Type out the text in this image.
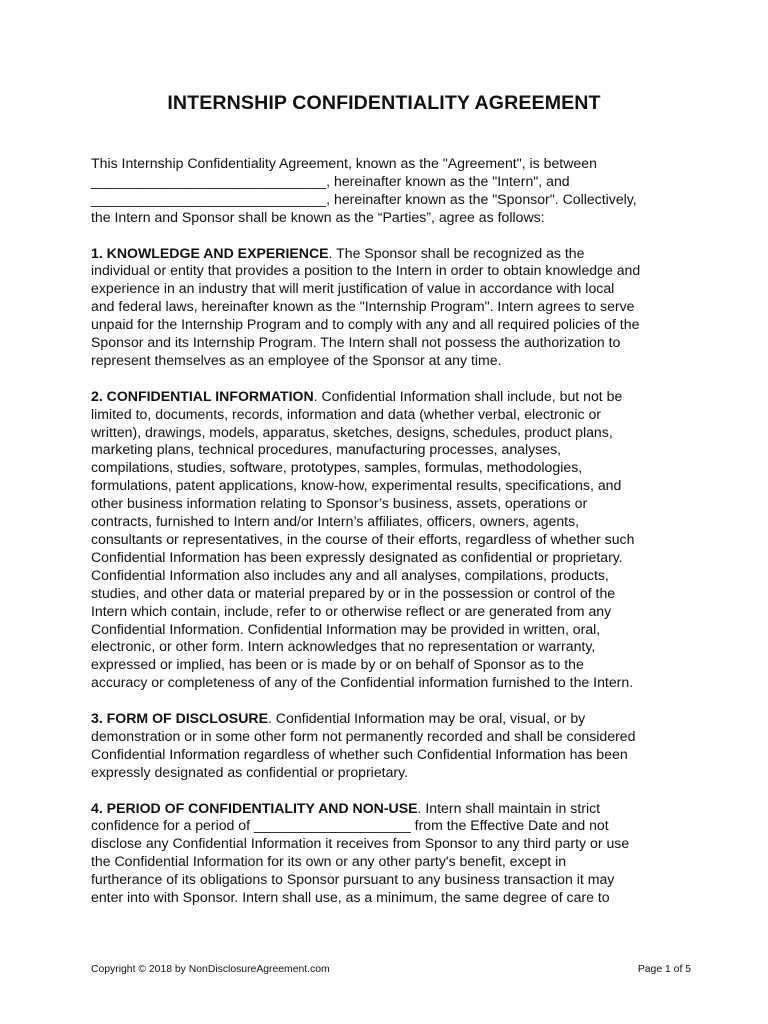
INTERNSHIP CONFIDENTIALITY AGREEMENT

This Internship Confidentiality Agreement, known as the "Agreement", is between
______________________________, hereinafter known as the "Intern", and
______________________________, hereinafter known as the "Sponsor". Collectively,
the Intern and Sponsor shall be known as the “Parties”, agree as follows:

1. KNOWLEDGE AND EXPERIENCE. The Sponsor shall be recognized as the
individual or entity that provides a position to the Intern in order to obtain knowledge and
experience in an industry that will merit justification of value in accordance with local
and federal laws, hereinafter known as the "Internship Program". Intern agrees to serve
unpaid for the Internship Program and to comply with any and all required policies of the
Sponsor and its Internship Program. The Intern shall not possess the authorization to
represent themselves as an employee of the Sponsor at any time.

2. CONFIDENTIAL INFORMATION. Confidential Information shall include, but not be
limited to, documents, records, information and data (whether verbal, electronic or
written), drawings, models, apparatus, sketches, designs, schedules, product plans,
marketing plans, technical procedures, manufacturing processes, analyses,
compilations, studies, software, prototypes, samples, formulas, methodologies,
formulations, patent applications, know-how, experimental results, specifications, and
other business information relating to Sponsor’s business, assets, operations or
contracts, furnished to Intern and/or Intern’s affiliates, officers, owners, agents,
consultants or representatives, in the course of their efforts, regardless of whether such
Confidential Information has been expressly designated as confidential or proprietary.
Confidential Information also includes any and all analyses, compilations, products,
studies, and other data or material prepared by or in the possession or control of the
Intern which contain, include, refer to or otherwise reflect or are generated from any
Confidential Information. Confidential Information may be provided in written, oral,
electronic, or other form. Intern acknowledges that no representation or warranty,
expressed or implied, has been or is made by or on behalf of Sponsor as to the
accuracy or completeness of any of the Confidential information furnished to the Intern.

3. FORM OF DISCLOSURE. Confidential Information may be oral, visual, or by
demonstration or in some other form not permanently recorded and shall be considered
Confidential Information regardless of whether such Confidential Information has been
expressly designated as confidential or proprietary.

4. PERIOD OF CONFIDENTIALITY AND NON-USE. Intern shall maintain in strict
confidence for a period of ____________________ from the Effective Date and not
disclose any Confidential Information it receives from Sponsor to any third party or use
the Confidential Information for its own or any other party's benefit, except in
furtherance of its obligations to Sponsor pursuant to any business transaction it may
enter into with Sponsor. Intern shall use, as a minimum, the same degree of care to

Copyright © 2018 by NonDisclosureAgreement.com	Page 1 of 5
